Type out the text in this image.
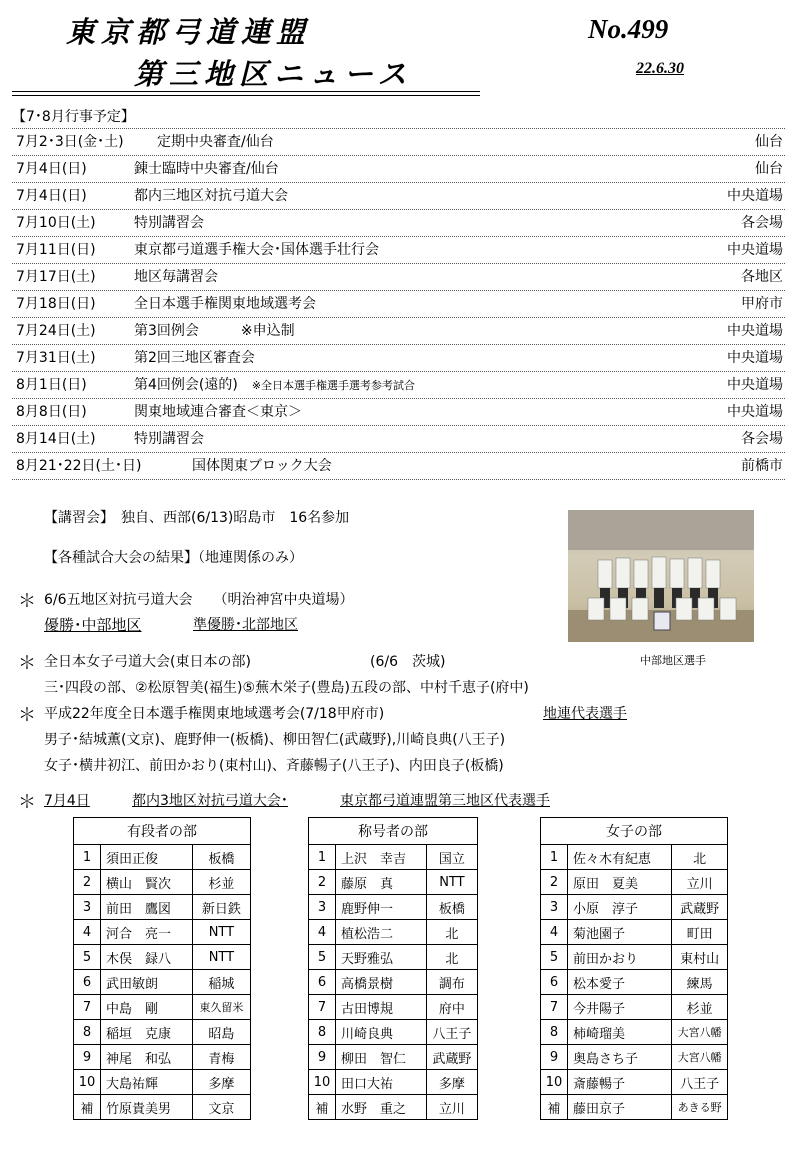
東京都弓道連盟
第三地区ニュース
No.499
22.6.30
【7･8月行事予定】
7月2･3日(金･土) 定期中央審査/仙台	仙台
7月4日(日)	錬士臨時中央審査/仙台	仙台
7月4日(日)	都内三地区対抗弓道大会	中央道場
7月10日(土)	特別講習会	各会場
7月11日(日)	東京都弓道選手権大会･国体選手壮行会	中央道場
7月17日(土)	地区毎講習会	各地区
7月18日(日)	全日本選手権関東地域選考会	甲府市
7月24日(土)	第3回例会　　　※申込制	中央道場
7月31日(土)	第2回三地区審査会	中央道場
8月1日(日)	第4回例会(遠的) ※全日本選手権選手選考参考試合	中央道場
8月8日(日)	関東地域連合審査＜東京＞	中央道場
8月14日(土)	特別講習会	各会場
8月21･22日(土･日)	国体関東ブロック大会	前橋市
【講習会】　独自、西部(6/13)昭島市　16名参加
【各種試合大会の結果】（地連関係のみ）
＊ 6/6五地区対抗弓道大会　　（明治神宮中央道場）
優勝･中部地区	準優勝･北部地区
中部地区選手
＊ 全日本女子弓道大会(東日本の部)	(6/6　茨城)
三･四段の部、②松原智美(福生)⑤蕪木栄子(豊島)五段の部、中村千恵子(府中)
＊ 平成22年度全日本選手権関東地域選考会(7/18甲府市)	地連代表選手
男子･結城薫(文京)、鹿野伸一(板橋)、柳田智仁(武蔵野),川崎良典(八王子)
女子･横井初江、前田かおり(東村山)、斉藤暢子(八王子)、内田良子(板橋)
＊ 7月4日	都内3地区対抗弓道大会･	東京都弓道連盟第三地区代表選手
有段者の部		
1	須田正俊	板橋
2	横山　賢次	杉並
3	前田　鷹図	新日鉄
4	河合　亮一	NTT
5	木俣　録八	NTT
6	武田敏朗	稲城
7	中島　剛	東久留米
8	稲垣　克康	昭島
9	神尾　和弘	青梅
10	大島祐輝	多摩
補	竹原貴美男	文京
称号者の部		
1	上沢　幸吉	国立
2	藤原　真	NTT
3	鹿野伸一	板橋
4	植松浩二	北
5	天野雅弘	北
6	高橋景樹	調布
7	古田博規	府中
8	川崎良典	八王子
9	柳田　智仁	武蔵野
10	田口大祐	多摩
補	水野　重之	立川
女子の部		
1	佐々木有紀恵	北
2	原田　夏美	立川
3	小原　淳子	武蔵野
4	菊池園子	町田
5	前田かおり	東村山
6	松本愛子	練馬
7	今井陽子	杉並
8	柿崎瑠美	大宮八幡
9	奥島さち子	大宮八幡
10	斎藤暢子	八王子
補	藤田京子	あきる野
